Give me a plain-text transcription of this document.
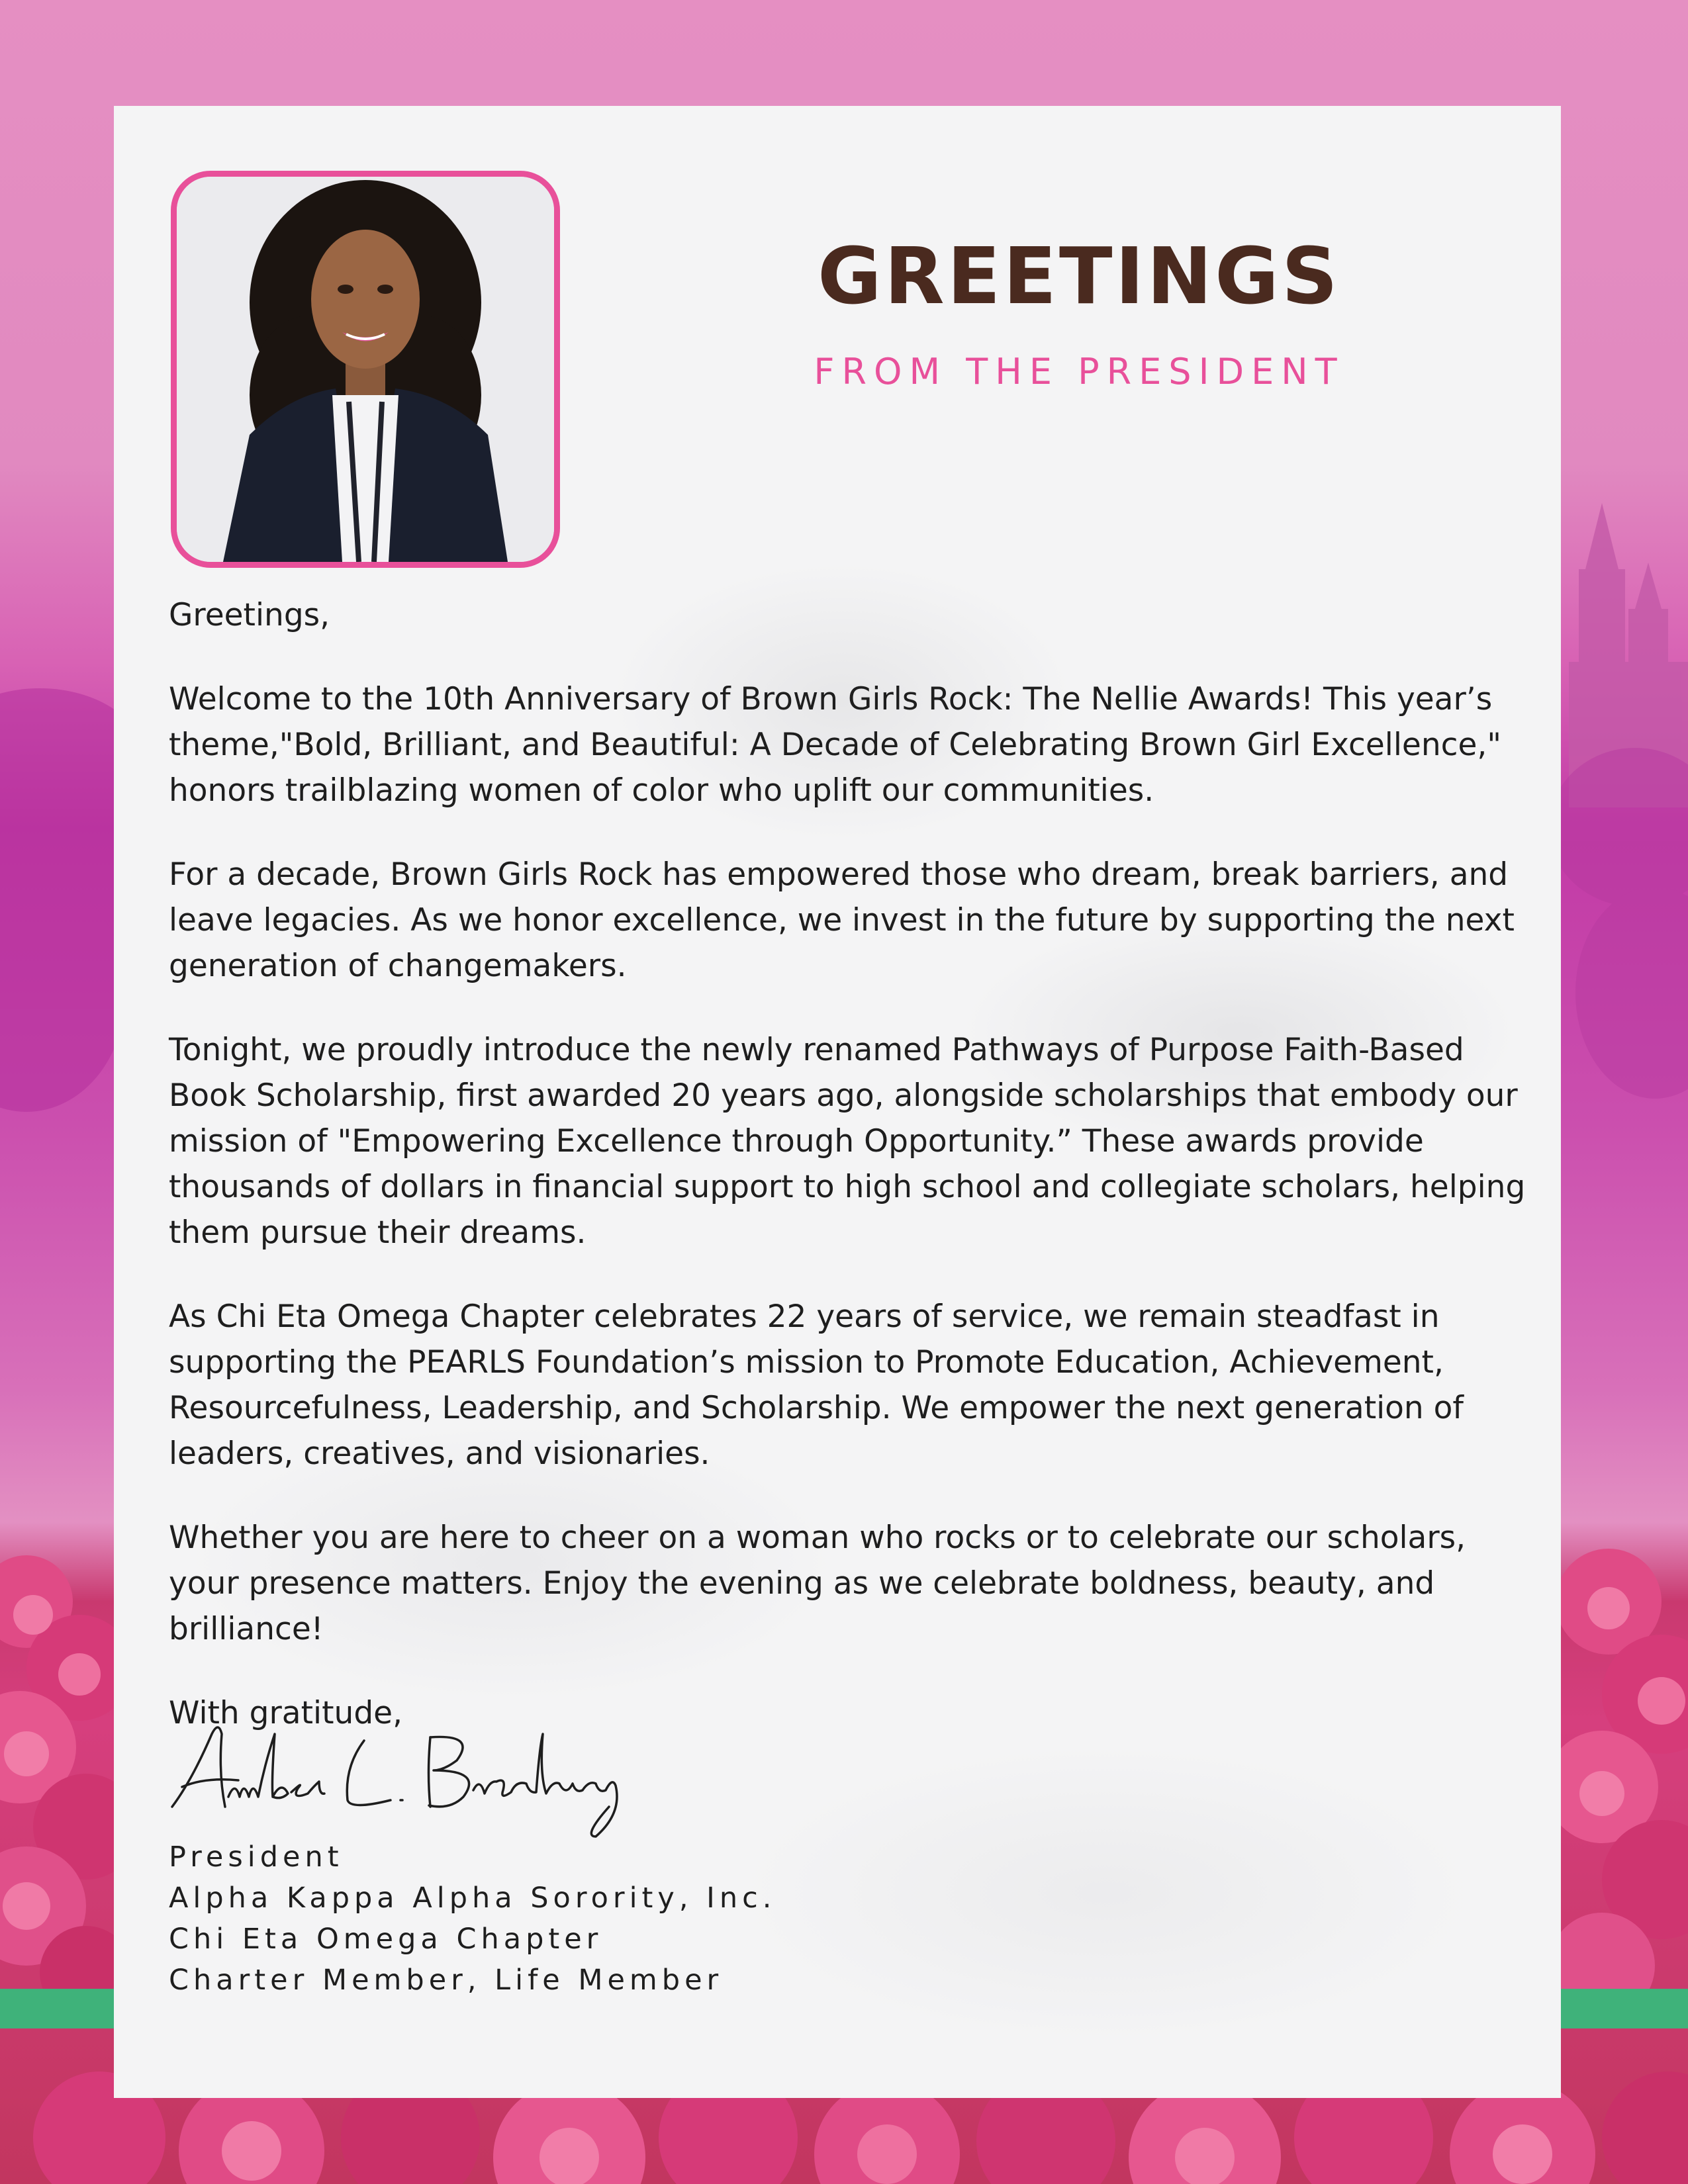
GREETINGS
FROM THE PRESIDENT

Greetings,

Welcome to the 10th Anniversary of Brown Girls Rock: The Nellie Awards! This year’s theme,"Bold, Brilliant, and Beautiful: A Decade of Celebrating Brown Girl Excellence," honors trailblazing women of color who uplift our communities.

For a decade, Brown Girls Rock has empowered those who dream, break barriers, and leave legacies. As we honor excellence, we invest in the future by supporting the next generation of changemakers.

Tonight, we proudly introduce the newly renamed Pathways of Purpose Faith-Based Book Scholarship, first awarded 20 years ago, alongside scholarships that embody our mission of "Empowering Excellence through Opportunity.” These awards provide thousands of dollars in financial support to high school and collegiate scholars, helping them pursue their dreams.

As Chi Eta Omega Chapter celebrates 22 years of service, we remain steadfast in supporting the PEARLS Foundation’s mission to Promote Education, Achievement, Resourcefulness, Leadership, and Scholarship. We empower the next generation of leaders, creatives, and visionaries.

Whether you are here to cheer on a woman who rocks or to celebrate our scholars, your presence matters. Enjoy the evening as we celebrate boldness, beauty, and brilliance!

With gratitude,

President
Alpha Kappa Alpha Sorority, Inc.
Chi Eta Omega Chapter
Charter Member, Life Member
